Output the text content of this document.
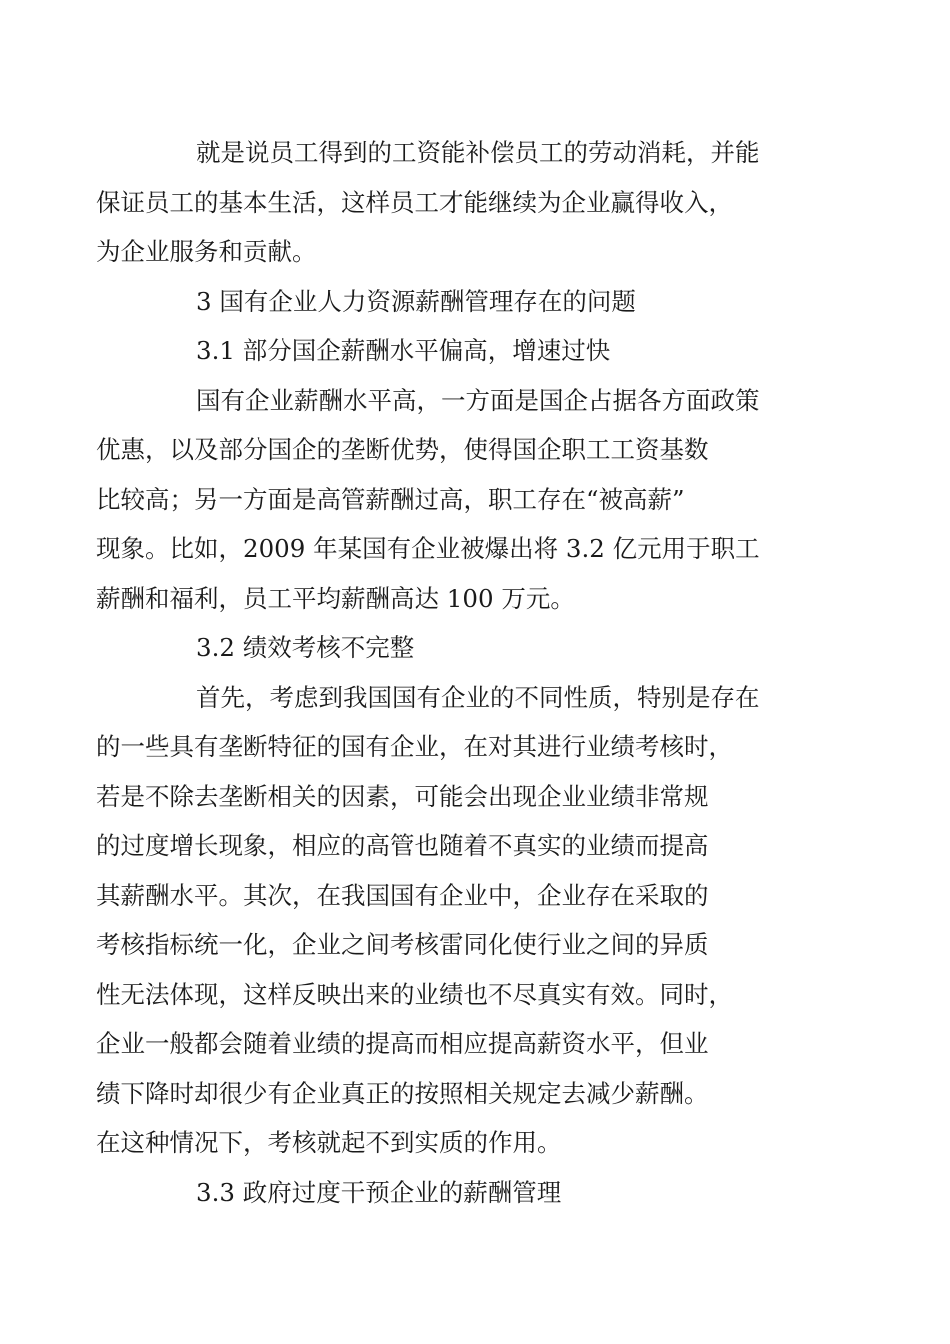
就是说员工得到的工资能补偿员工的劳动消耗，并能
保证员工的基本生活，这样员工才能继续为企业赢得收入，
为企业服务和贡献。

3 国有企业人力资源薪酬管理存在的问题

3.1 部分国企薪酬水平偏高，增速过快

国有企业薪酬水平高，一方面是国企占据各方面政策
优惠，以及部分国企的垄断优势，使得国企职工工资基数
比较高；另一方面是高管薪酬过高，职工存在“被高薪”
现象。比如，2009 年某国有企业被爆出将 3.2 亿元用于职工
薪酬和福利，员工平均薪酬高达 100 万元。

3.2 绩效考核不完整

首先，考虑到我国国有企业的不同性质，特别是存在
的一些具有垄断特征的国有企业，在对其进行业绩考核时，
若是不除去垄断相关的因素，可能会出现企业业绩非常规
的过度增长现象，相应的高管也随着不真实的业绩而提高
其薪酬水平。其次，在我国国有企业中，企业存在采取的
考核指标统一化，企业之间考核雷同化使行业之间的异质
性无法体现，这样反映出来的业绩也不尽真实有效。同时，
企业一般都会随着业绩的提高而相应提高薪资水平，但业
绩下降时却很少有企业真正的按照相关规定去减少薪酬。
在这种情况下，考核就起不到实质的作用。

3.3 政府过度干预企业的薪酬管理
